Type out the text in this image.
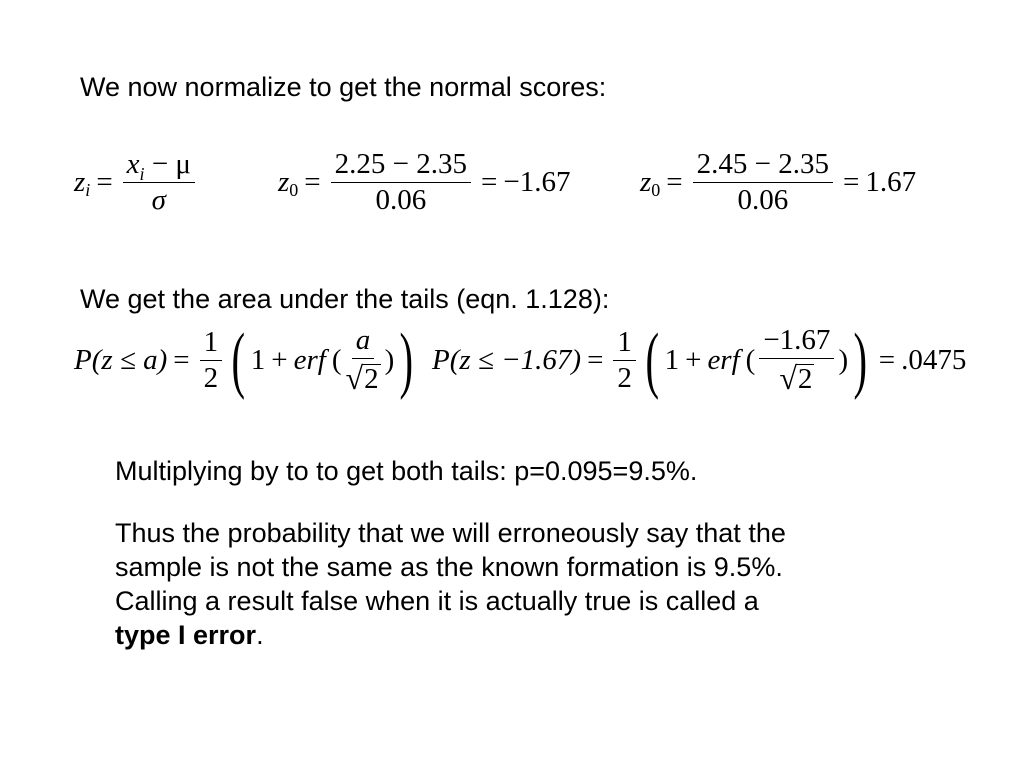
We now normalize to get the normal scores:
z $i = \frac{x_i - \mu}{\sigma}$	z $0 = \frac{2.25 - 2.35}{0.06} = -1.67$ z $0 = \frac{2.45 - 2.35}{0.06} = 1.67$
We get the area under the tails (eqn. 1.128):
$P(z \le a) = \frac{1}{2}$ ( 1 + erf ( $\frac{a}{√ 2}$ ) ) $P(z \le -1.67) = \frac{1}{2}$ ( 1 + erf ( $\frac{-1.67}{√ 2}$ ) ) = .0475
Multiplying by to to get both tails: p=0.095=9.5%.
Thus the probability that we will erroneously say that the
sample is not the same as the known formation is 9.5%.
Calling a result false when it is actually true is called a
type I error.
